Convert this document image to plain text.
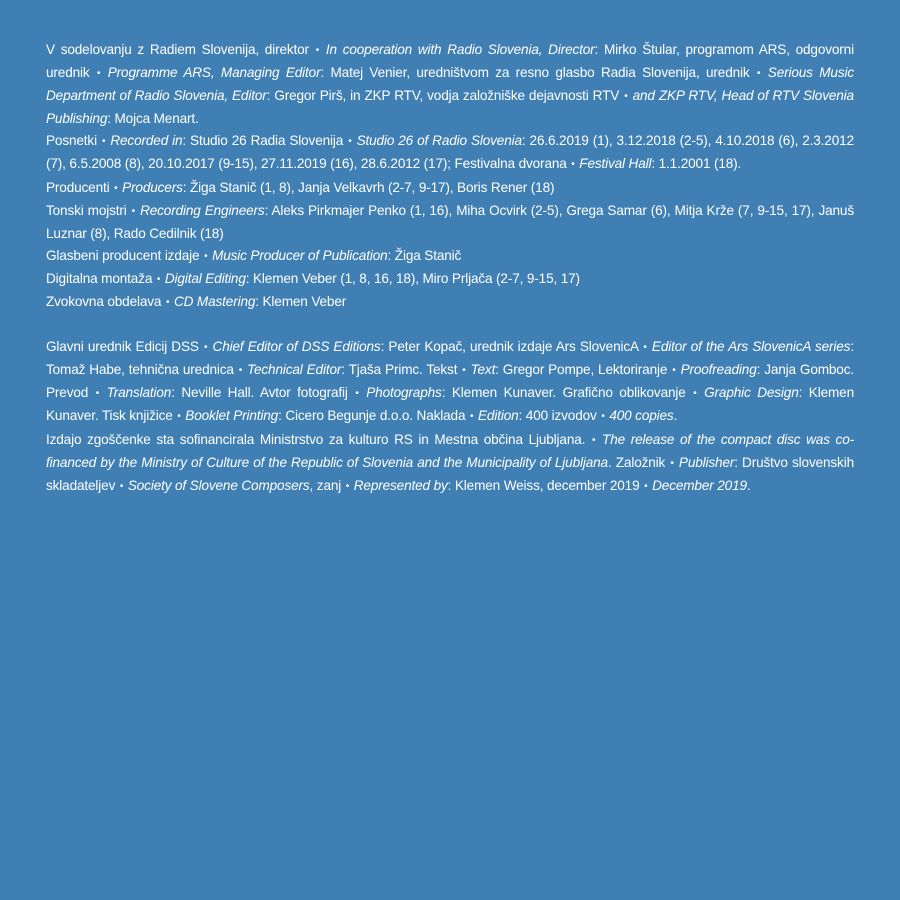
V sodelovanju z Radiem Slovenija, direktor • In cooperation with Radio Slovenia, Director: Mirko Štular, programom ARS, odgovorni urednik • Programme ARS, Managing Editor: Matej Venier, uredništvom za resno glasbo Radia Slovenija, urednik • Serious Music Department of Radio Slovenia, Editor: Gregor Pirš, in ZKP RTV, vodja založniške dejavnosti RTV • and ZKP RTV, Head of RTV Slovenia Publishing: Mojca Menart.

Posnetki • Recorded in: Studio 26 Radia Slovenija • Studio 26 of Radio Slovenia: 26.6.2019 (1), 3.12.2018 (2-5), 4.10.2018 (6), 2.3.2012 (7), 6.5.2008 (8), 20.10.2017 (9-15), 27.11.2019 (16), 28.6.2012 (17); Festivalna dvorana • Festival Hall: 1.1.2001 (18).

Producenti • Producers: Žiga Stanič (1, 8), Janja Velkavrh (2-7, 9-17), Boris Rener (18)

Tonski mojstri • Recording Engineers: Aleks Pirkmajer Penko (1, 16), Miha Ocvirk (2-5), Grega Samar (6), Mitja Krže (7, 9-15, 17), Januš Luznar (8), Rado Cedilnik (18)

Glasbeni producent izdaje • Music Producer of Publication: Žiga Stanič

Digitalna montaža • Digital Editing: Klemen Veber (1, 8, 16, 18), Miro Prljača (2-7, 9-15, 17)

Zvokovna obdelava • CD Mastering: Klemen Veber

Glavni urednik Edicij DSS • Chief Editor of DSS Editions: Peter Kopač, urednik izdaje Ars SlovenicA • Editor of the Ars SlovenicA series: Tomaž Habe, tehnična urednica • Technical Editor: Tjaša Primc. Tekst • Text: Gregor Pompe, Lektoriranje • Proofreading: Janja Gomboc. Prevod • Translation: Neville Hall. Avtor fotografij • Photographs: Klemen Kunaver. Grafično oblikovanje • Graphic Design: Klemen Kunaver. Tisk knjižice • Booklet Printing: Cicero Begunje d.o.o. Naklada • Edition: 400 izvodov • 400 copies.

Izdajo zgoščenke sta sofinancirala Ministrstvo za kulturo RS in Mestna občina Ljubljana. • The release of the compact disc was co-financed by the Ministry of Culture of the Republic of Slovenia and the Municipality of Ljubljana. Založnik • Publisher: Društvo slovenskih skladateljev • Society of Slovene Composers, zanj • Represented by: Klemen Weiss, december 2019 • December 2019.
